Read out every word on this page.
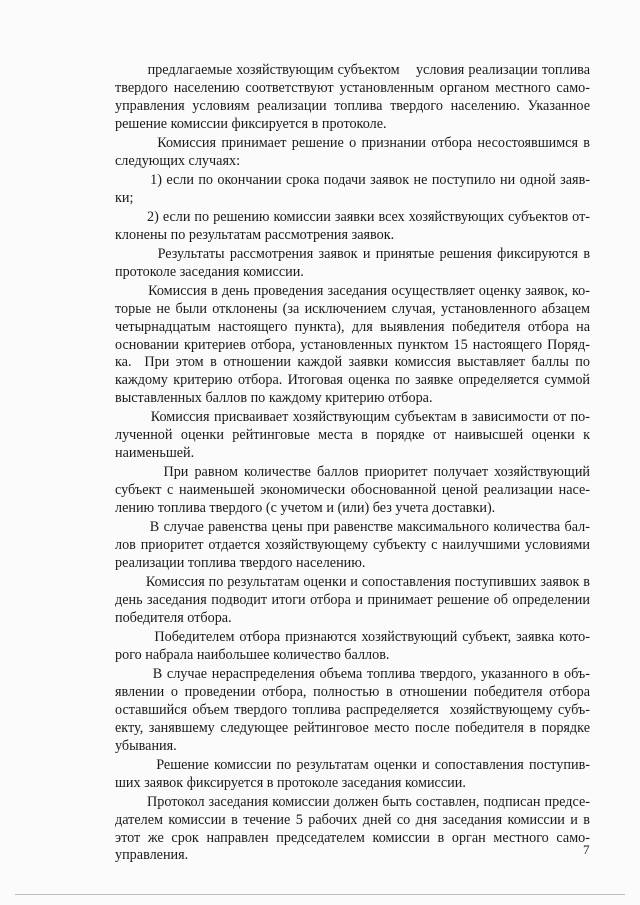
предлагаемые хозяйствующим субъектом    условия реализации топлива твердого населению соответствуют установленным органом местного само-управления условиям реализации топлива твердого населению. Указанное решение комиссии фиксируется в протоколе.

Комиссия принимает решение о признании отбора несостоявшимся в следующих случаях:

1) если по окончании срока подачи заявок не поступило ни одной заяв-ки;

2) если по решению комиссии заявки всех хозяйствующих субъектов от-клонены по результатам рассмотрения заявок.

Результаты рассмотрения заявок и принятые решения фиксируются в протоколе заседания комиссии.

Комиссия в день проведения заседания осуществляет оценку заявок, ко-торые не были отклонены (за исключением случая, установленного абзацем четырнадцатым настоящего пункта), для выявления победителя отбора на основании критериев отбора, установленных пунктом 15 настоящего Поряд-ка.  При этом в отношении каждой заявки комиссия выставляет баллы по каждому критерию отбора. Итоговая оценка по заявке определяется суммой выставленных баллов по каждому критерию отбора.

Комиссия присваивает хозяйствующим субъектам в зависимости от по-лученной оценки рейтинговые места в порядке от наивысшей оценки к наименьшей.

При равном количестве баллов приоритет получает хозяйствующий субъект с наименьшей экономически обоснованной ценой реализации насе-лению топлива твердого (с учетом и (или) без учета доставки).

В случае равенства цены при равенстве максимального количества бал-лов приоритет отдается хозяйствующему субъекту с наилучшими условиями реализации топлива твердого населению.

Комиссия по результатам оценки и сопоставления поступивших заявок в день заседания подводит итоги отбора и принимает решение об определении победителя отбора.

Победителем отбора признаются хозяйствующий субъект, заявка кото-рого набрала наибольшее количество баллов.

В случае нераспределения объема топлива твердого, указанного в объ-явлении о проведении отбора, полностью в отношении победителя отбора оставшийся объем твердого топлива распределяется  хозяйствующему субъ-екту, занявшему следующее рейтинговое место после победителя в порядке убывания.

Решение комиссии по результатам оценки и сопоставления поступив-ших заявок фиксируется в протоколе заседания комиссии.

Протокол заседания комиссии должен быть составлен, подписан предсе-дателем комиссии в течение 5 рабочих дней со дня заседания комиссии и в этот же срок направлен председателем комиссии в орган местного само-управления.	7
